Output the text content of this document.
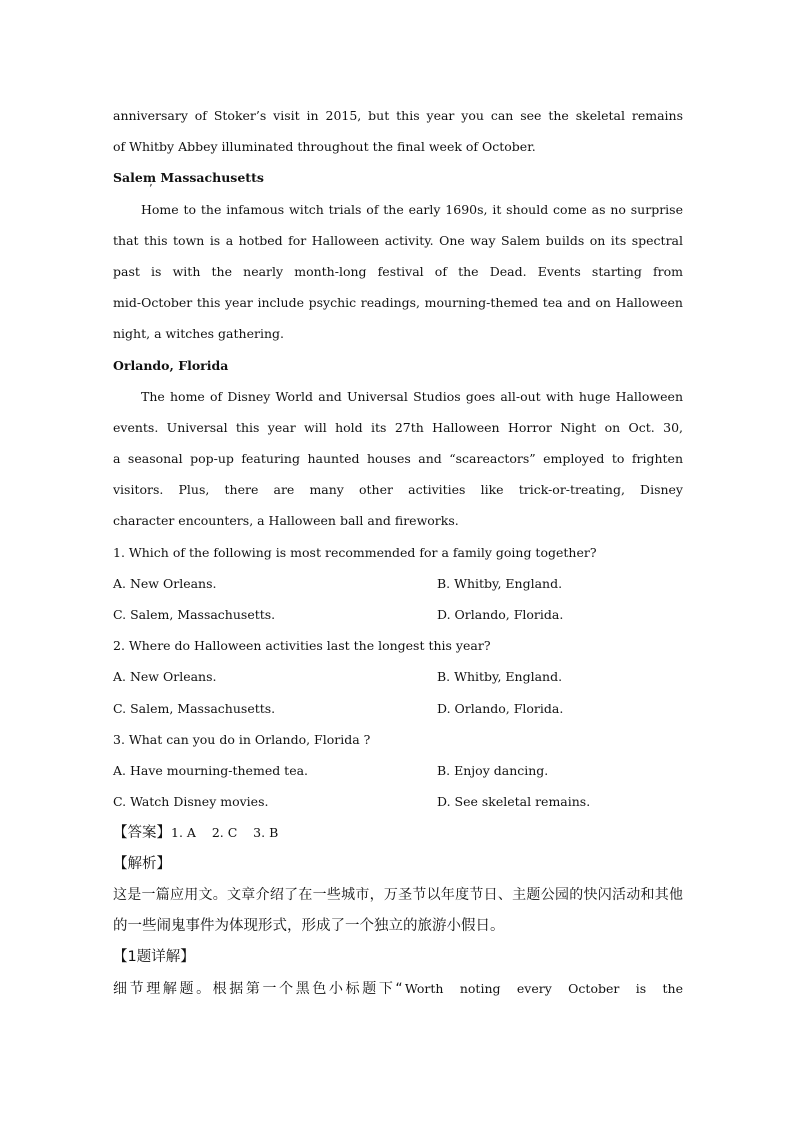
anniversary of Stoker’s visit in 2015, but this year you can see the skeletal remains
of Whitby Abbey illuminated throughout the final week of October.
Salem Massachusetts
’
Home to the infamous witch trials of the early 1690s, it should come as no surprise
that this town is a hotbed for Halloween activity. One way Salem builds on its spectral
past is with the nearly month-long festival of the Dead. Events starting from
mid-October this year include psychic readings, mourning-themed tea and on Halloween
night, a witches gathering.
Orlando, Florida
The home of Disney World and Universal Studios goes all-out with huge Halloween
events. Universal this year will hold its 27th Halloween Horror Night on Oct. 30,
a seasonal pop-up featuring haunted houses and “scareactors” employed to frighten
visitors. Plus, there are many other activities like trick-or-treating, Disney
character encounters, a Halloween ball and fireworks.
1. Which of the following is most recommended for a family going together?
A. New Orleans.	B. Whitby, England.
C. Salem, Massachusetts.	D. Orlando, Florida.
2. Where do Halloween activities last the longest this year?
A. New Orleans.	B. Whitby, England.
C. Salem, Massachusetts.	D. Orlando, Florida.
3. What can you do in Orlando, Florida ?
A. Have mourning-themed tea.	B. Enjoy dancing.
C. Watch Disney movies.	D. See skeletal remains.
【答案】1. A    2. C    3. B
【解析】
这是一篇应用文。文章介绍了在一些城市，万圣节以年度节日、主题公园的快闪活动和其他
的一些闹鬼事件为体现形式，形成了一个独立的旅游小假日。
【1题详解】
细节理解题。根据第一个黑色小标题下“Worth noting every October is the
